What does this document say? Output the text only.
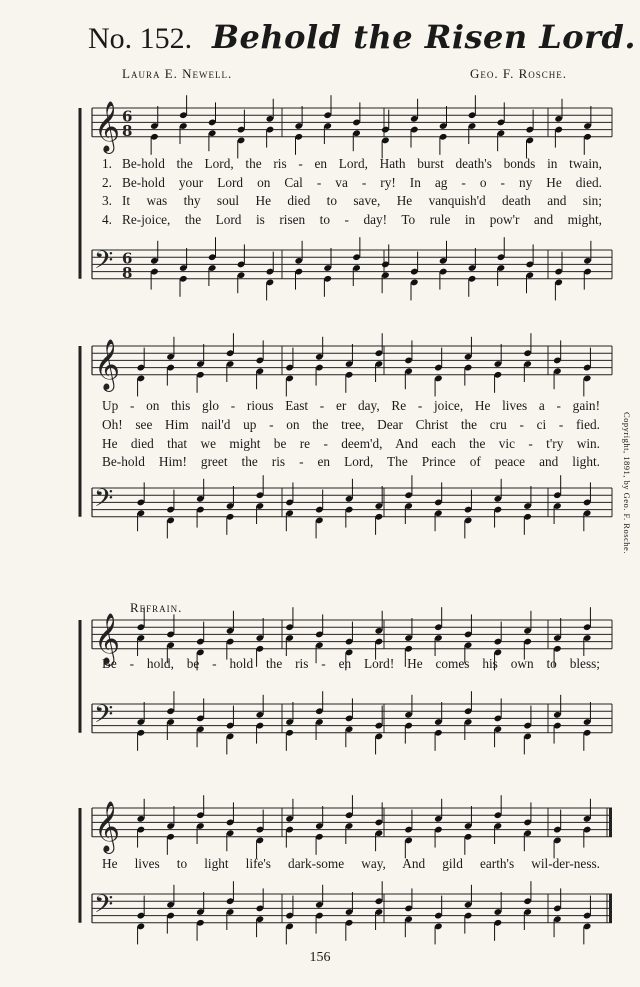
No. 152. Behold the Risen Lord.
Laura E. Newell.	Geo. F. Rosche.
𝄞 6
8
𝄢 6
8
𝄞
𝄢
𝄞
𝄢
𝄞
𝄢
1. Be-hold the Lord, the ris - en Lord, Hath burst death's bonds in twain,
2. Be-hold your Lord on Cal - va - ry! In ag - o - ny He died.
3. It was thy soul He died to save, He vanquish'd death and sin;
4. Re-joice, the Lord is risen to - day! To rule in pow'r and might,
Up - on this glo - rious East - er day, Re - joice, He lives a - gain!
Oh! see Him nail'd up - on the tree, Dear Christ the cru - ci - fied.
He died that we might be re - deem'd, And each the vic - t'ry win.
Be-hold Him! greet the ris - en Lord, The Prince of peace and light.
Refrain.
Be - hold, be - hold the ris - en Lord! He comes his own to bless;
He lives to light life's dark-some way, And gild earth's wil-der-ness.
Copyright, 1891, by Geo. F. Rosche.
156
